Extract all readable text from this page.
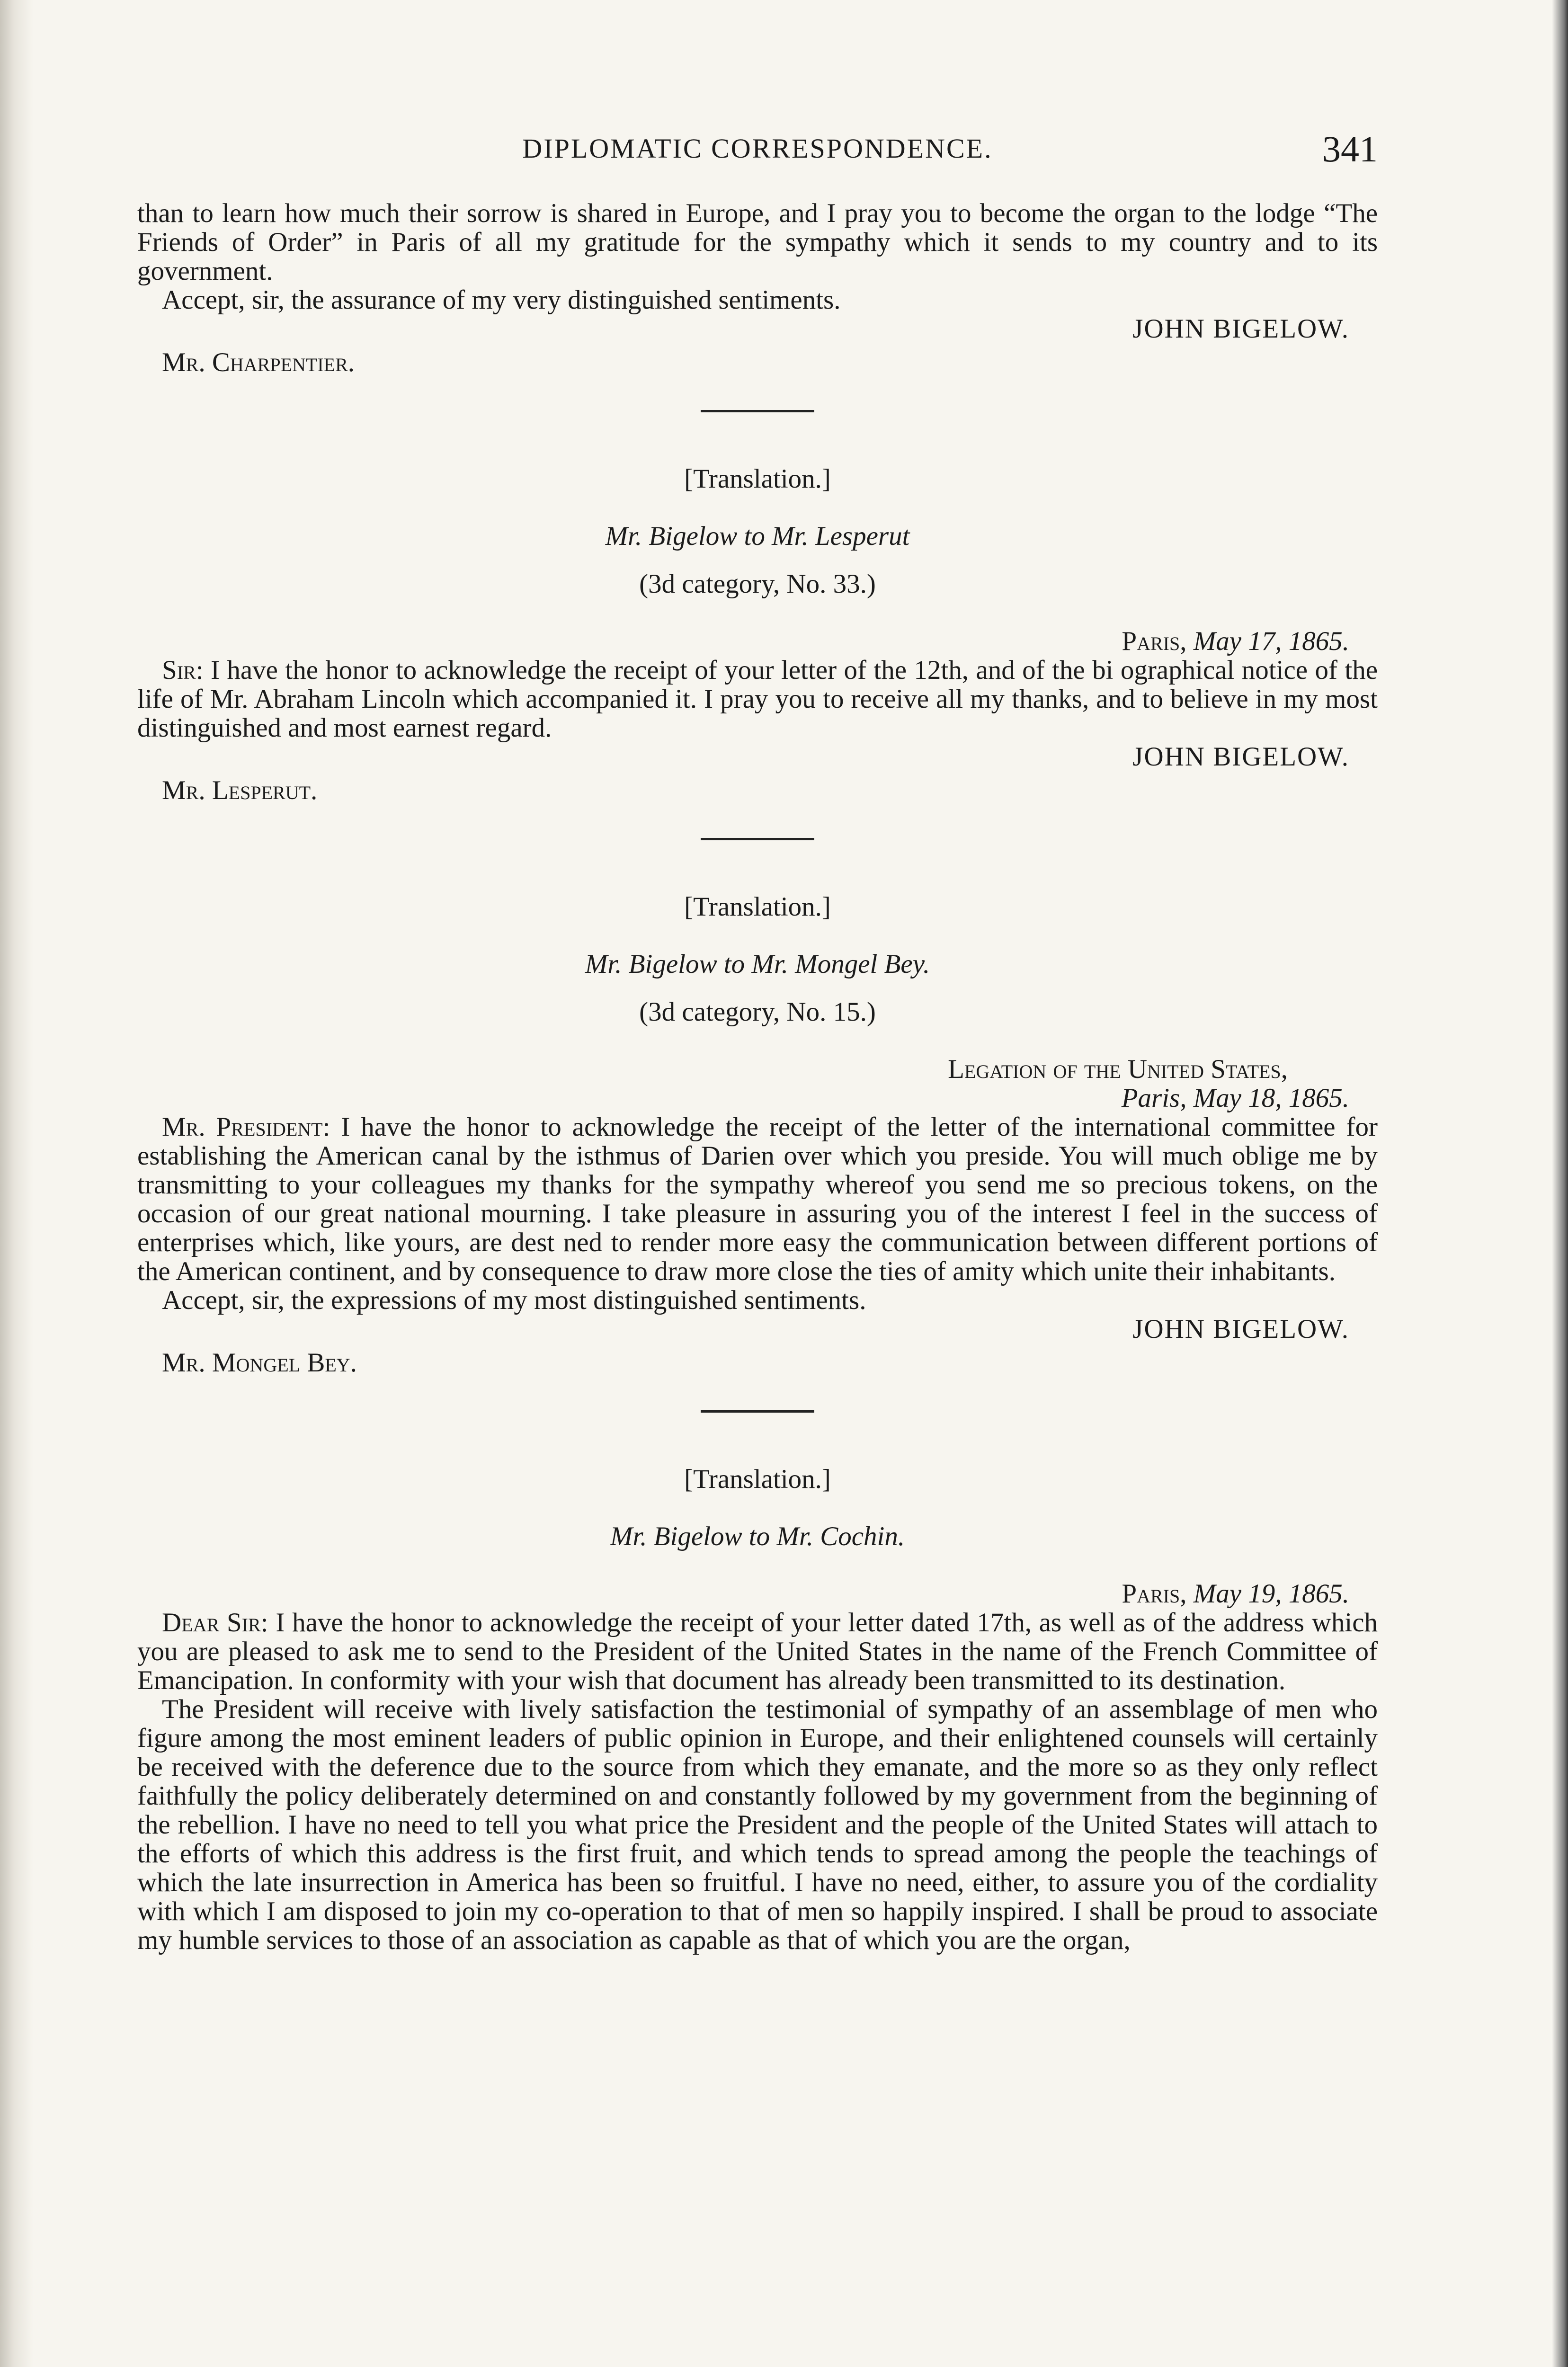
DIPLOMATIC CORRESPONDENCE.	341

than to learn how much their sorrow is shared in Europe, and I pray you to become the organ to the lodge “The Friends of Order” in Paris of all my gratitude for the sympathy which it sends to my country and to its government.

Accept, sir, the assurance of my very distinguished sentiments.

JOHN BIGELOW.
Mr. Charpentier.
[Translation.]
Mr. Bigelow to Mr. Lesperut
(3d category, No. 33.)
Paris, May 17, 1865.

Sir: I have the honor to acknowledge the receipt of your letter of the 12th, and of the bi ographical notice of the life of Mr. Abraham Lincoln which accompanied it. I pray you to receive all my thanks, and to believe in my most distinguished and most earnest regard.

JOHN BIGELOW.
Mr. Lesperut.
[Translation.]
Mr. Bigelow to Mr. Mongel Bey.
(3d category, No. 15.)
Legation of the United States,
Paris, May 18, 1865.

Mr. President: I have the honor to acknowledge the receipt of the letter of the international committee for establishing the American canal by the isthmus of Darien over which you preside. You will much oblige me by transmitting to your colleagues my thanks for the sympathy whereof you send me so precious tokens, on the occasion of our great national mourning. I take pleasure in assuring you of the interest I feel in the success of enterprises which, like yours, are dest ned to render more easy the communication between different portions of the American continent, and by consequence to draw more close the ties of amity which unite their inhabitants.

Accept, sir, the expressions of my most distinguished sentiments.

JOHN BIGELOW.
Mr. Mongel Bey.
[Translation.]
Mr. Bigelow to Mr. Cochin.
Paris, May 19, 1865.

Dear Sir: I have the honor to acknowledge the receipt of your letter dated 17th, as well as of the address which you are pleased to ask me to send to the President of the United States in the name of the French Committee of Emancipation. In conformity with your wish that document has already been transmitted to its destination.

The President will receive with lively satisfaction the testimonial of sympathy of an assemblage of men who figure among the most eminent leaders of public opinion in Europe, and their enlightened counsels will certainly be received with the deference due to the source from which they emanate, and the more so as they only reflect faithfully the policy deliberately determined on and constantly followed by my government from the beginning of the rebellion. I have no need to tell you what price the President and the people of the United States will attach to the efforts of which this address is the first fruit, and which tends to spread among the people the teachings of which the late insurrection in America has been so fruitful. I have no need, either, to assure you of the cordiality with which I am disposed to join my co-operation to that of men so happily inspired. I shall be proud to associate my humble services to those of an association as capable as that of which you are the organ,
